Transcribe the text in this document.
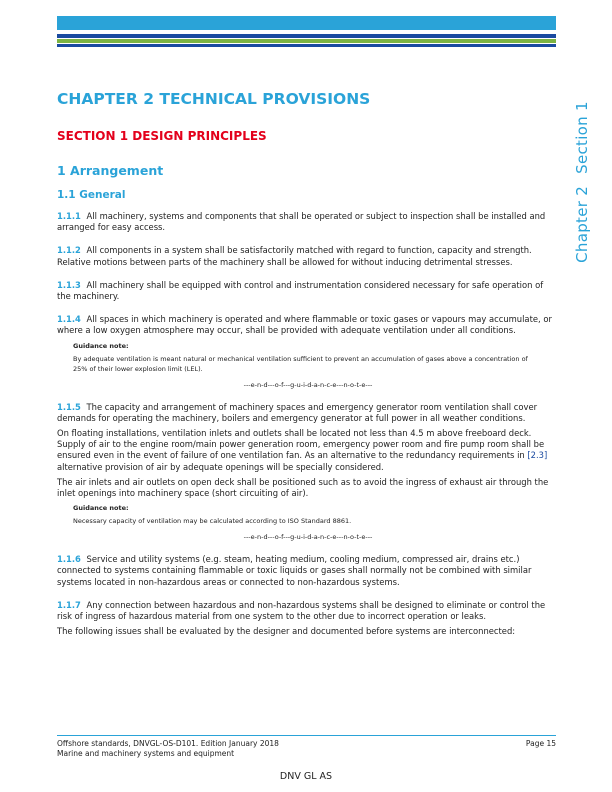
Chapter 2Section 1
CHAPTER 2 TECHNICAL PROVISIONS
SECTION 1 DESIGN PRINCIPLES
1 Arrangement
1.1 General

1.1.1 All machinery, systems and components that shall be operated or subject to inspection shall be installed and arranged for easy access.

1.1.2 All components in a system shall be satisfactorily matched with regard to function, capacity and strength. Relative motions between parts of the machinery shall be allowed for without inducing detrimental stresses.

1.1.3 All machinery shall be equipped with control and instrumentation considered necessary for safe operation of the machinery.

1.1.4 All spaces in which machinery is operated and where flammable or toxic gases or vapours may accumulate, or where a low oxygen atmosphere may occur, shall be provided with adequate ventilation under all conditions.

Guidance note:
By adequate ventilation is meant natural or mechanical ventilation sufficient to prevent an accumulation of gases above a concentration of 25% of their lower explosion limit (LEL).
---e-n-d---o-f---g-u-i-d-a-n-c-e---n-o-t-e---

1.1.5 The capacity and arrangement of machinery spaces and emergency generator room ventilation shall cover demands for operating the machinery, boilers and emergency generator at full power in all weather conditions.

On floating installations, ventilation inlets and outlets shall be located not less than 4.5 m above freeboard deck. Supply of air to the engine room/main power generation room, emergency power room and fire pump room shall be ensured even in the event of failure of one ventilation fan. As an alternative to the redundancy requirements in [2.3] alternative provision of air by adequate openings will be specially considered.

The air inlets and air outlets on open deck shall be positioned such as to avoid the ingress of exhaust air through the inlet openings into machinery space (short circuiting of air).

Guidance note:
Necessary capacity of ventilation may be calculated according to ISO Standard 8861.
---e-n-d---o-f---g-u-i-d-a-n-c-e---n-o-t-e---

1.1.6 Service and utility systems (e.g. steam, heating medium, cooling medium, compressed air, drains etc.) connected to systems containing flammable or toxic liquids or gases shall normally not be combined with similar systems located in non-hazardous areas or connected to non-hazardous systems.

1.1.7 Any connection between hazardous and non-hazardous systems shall be designed to eliminate or control the risk of ingress of hazardous material from one system to the other due to incorrect operation or leaks.

The following issues shall be evaluated by the designer and documented before systems are interconnected:

Offshore standards, DNVGL-OS-D101. Edition January 2018
Marine and machinery systems and equipment
Page 15
DNV GL AS
